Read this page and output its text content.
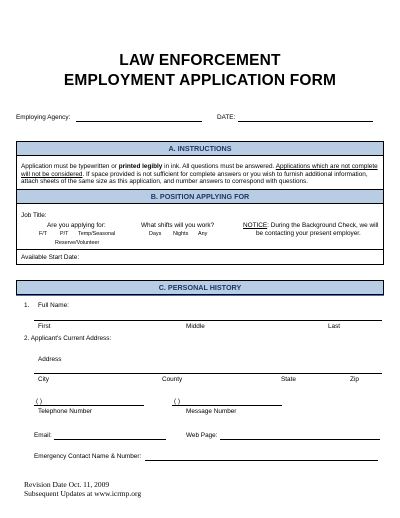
LAW ENFORCEMENT
EMPLOYMENT APPLICATION FORM
Employing Agency:	DATE:
A. INSTRUCTIONS
Application must be typewritten or printed legibly in ink. All questions must be answered. Applications which are not complete
will not be considered. If space provided is not sufficient for complete answers or you wish to furnish additional information,
attach sheets of the same size as this application, and number answers to correspond with questions.
B. POSITION APPLYING FOR
Job Title:
Are you applying for:
F/T P/T Temp/Seasonal
Reserve/Volunteer
What shifts will you work?
Days Nights Any
NOTICE: During the Background Check, we will
be contacting your present employer.
Available Start Date:
C. PERSONAL HISTORY
1. Full Name:
First	Middle	Last
2. Applicant's Current Address:
Address
City	County	State	Zip
( )
Telephone Number
( )
Message Number
Email:	Web Page:
Emergency Contact Name & Number:
Revision Date Oct. 11, 2009
Subsequent Updates at www.icrmp.org
